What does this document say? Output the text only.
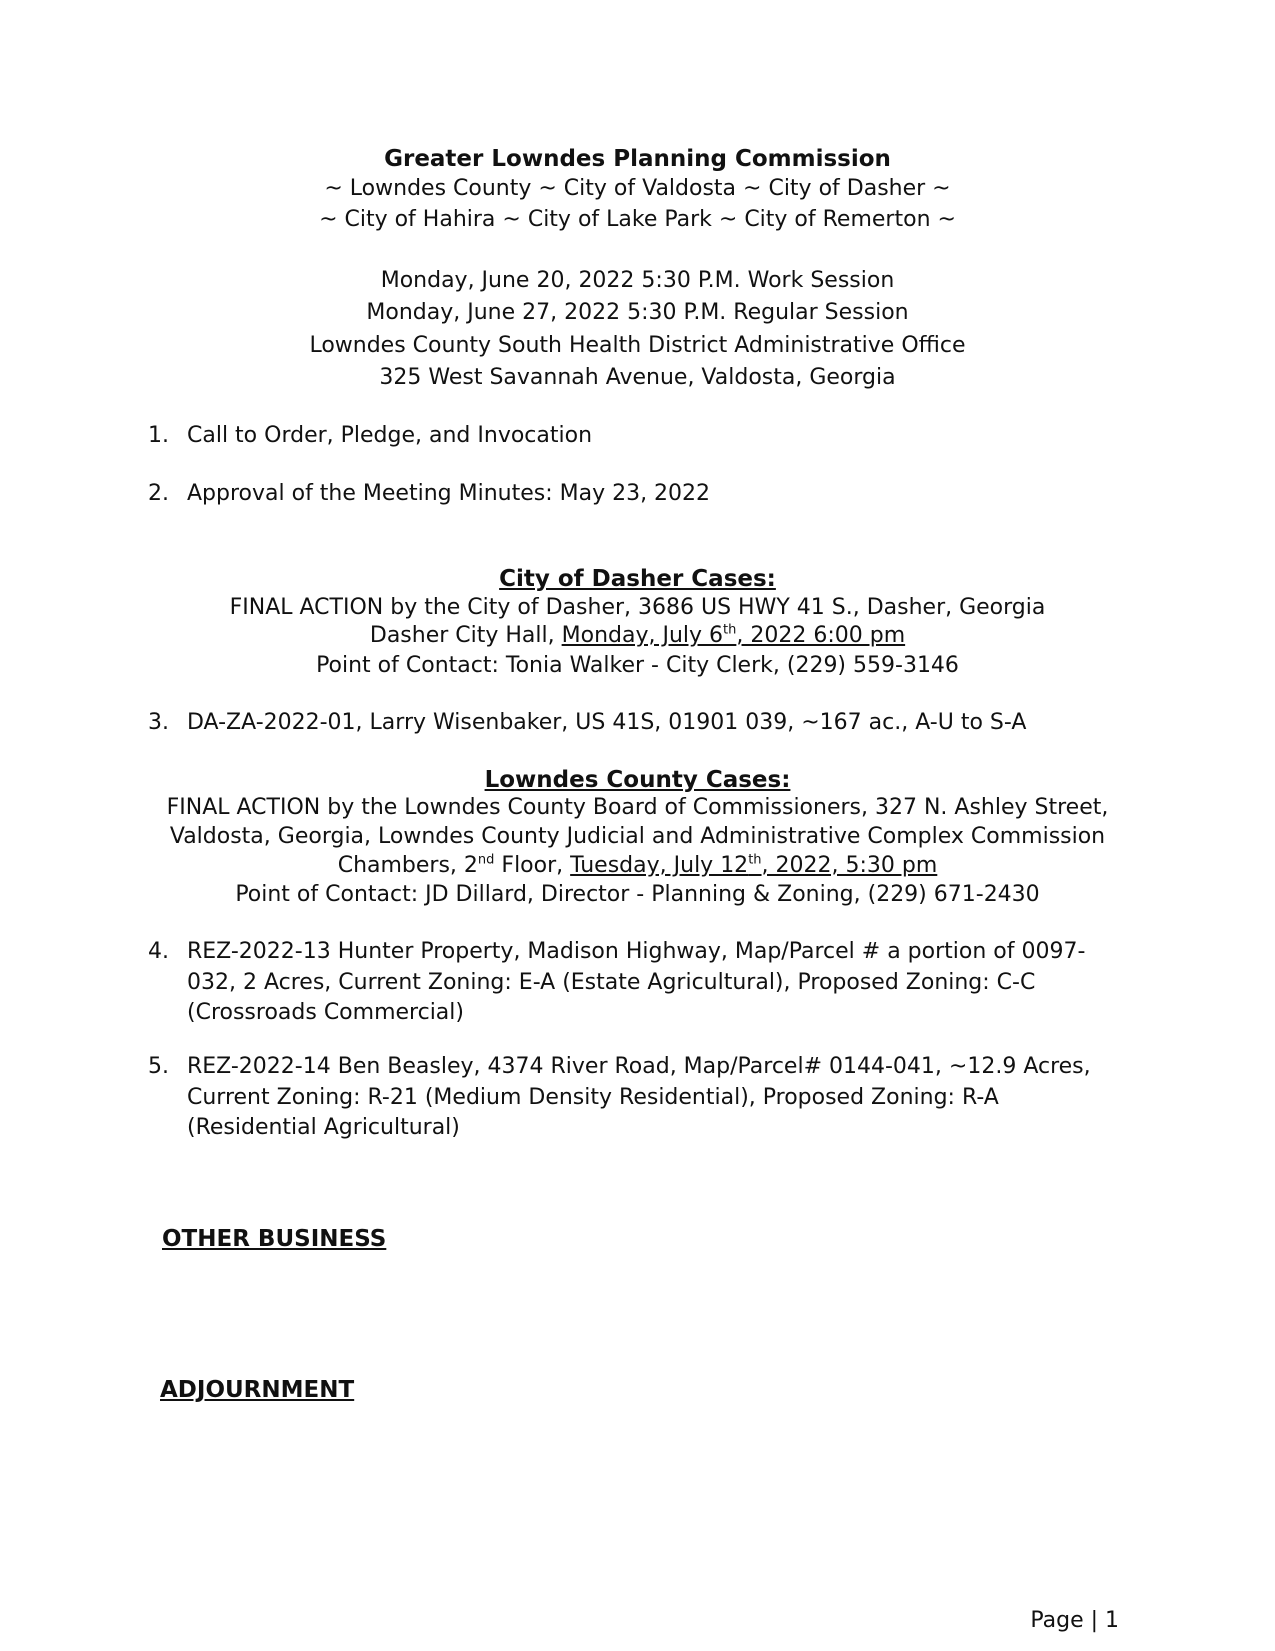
Greater Lowndes Planning Commission
~ Lowndes County ~ City of Valdosta ~ City of Dasher ~
~ City of Hahira ~ City of Lake Park ~ City of Remerton ~
Monday, June 20, 2022 5:30 P.M. Work Session
Monday, June 27, 2022 5:30 P.M. Regular Session
Lowndes County South Health District Administrative Office
325 West Savannah Avenue, Valdosta, Georgia
1. Call to Order, Pledge, and Invocation
2. Approval of the Meeting Minutes: May 23, 2022
City of Dasher Cases:
FINAL ACTION by the City of Dasher, 3686 US HWY 41 S., Dasher, Georgia
Dasher City Hall, Monday, July 6th, 2022 6:00 pm
Point of Contact: Tonia Walker - City Clerk, (229) 559-3146
3. DA-ZA-2022-01, Larry Wisenbaker, US 41S, 01901 039, ~167 ac., A-U to S-A
Lowndes County Cases:
FINAL ACTION by the Lowndes County Board of Commissioners, 327 N. Ashley Street,
Valdosta, Georgia, Lowndes County Judicial and Administrative Complex Commission
Chambers, 2nd Floor, Tuesday, July 12th, 2022, 5:30 pm
Point of Contact: JD Dillard, Director - Planning & Zoning, (229) 671-2430
4. REZ-2022-13 Hunter Property, Madison Highway, Map/Parcel # a portion of 0097-032, 2 Acres, Current Zoning: E-A (Estate Agricultural), Proposed Zoning: C-C (Crossroads Commercial)
5. REZ-2022-14 Ben Beasley, 4374 River Road, Map/Parcel# 0144-041, ~12.9 Acres, Current Zoning: R-21 (Medium Density Residential), Proposed Zoning: R-A (Residential Agricultural)
OTHER BUSINESS
ADJOURNMENT
Page | 1
